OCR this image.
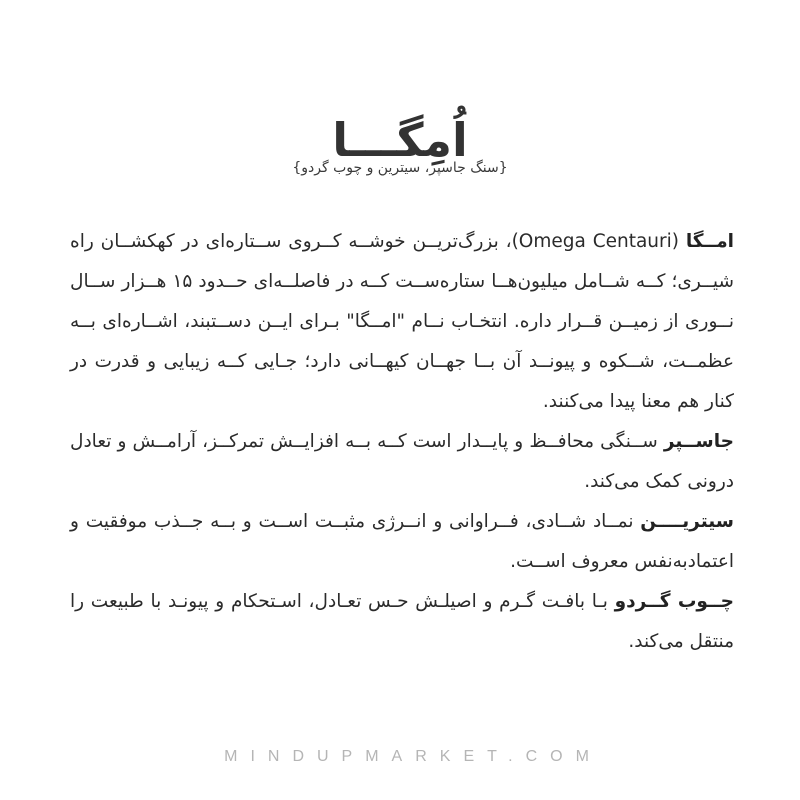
اُمِگـــا
{سنگ جاسپر، سیترین و چوب گردو}

امــگا (Omega Centauri)، بزرگ‌تریــن خوشــه کــروی ســتاره‌ای در کهکشــان راه شیــری؛ کــه شــامل میلیون‌هــا ستاره‌ســت کــه در فاصلــه‌ای حــدود ۱۵ هــزار ســال نــوری از زمیــن قــرار داره. انتخـاب نــام "امــگا" بـرای ایــن دســتبند، اشــاره‌ای بــه عظمــت، شــکوه و پیونــد آن بــا جهــان کیهــانی دارد؛ جـایی کــه زیبایی و قدرت در کنار هم معنا پیدا می‌کنند.

جاســپر ســنگی محافــظ و پایــدار است کــه بــه افزایــش تمرکــز، آرامــش و تعادل درونی کمک می‌کند.

سیتریــــن نمــاد شــادی، فــراوانی و انــرژی مثبــت اســت و بــه جــذب موفقیت و اعتمادبه‌نفس معروف اســت.

چــوب گــردو بـا بافـت گـرم و اصیلـش حـس تعـادل، اسـتحکام و پیونـد با طبیعت را منتقل می‌کند.

MINDUPMARKET.COM
